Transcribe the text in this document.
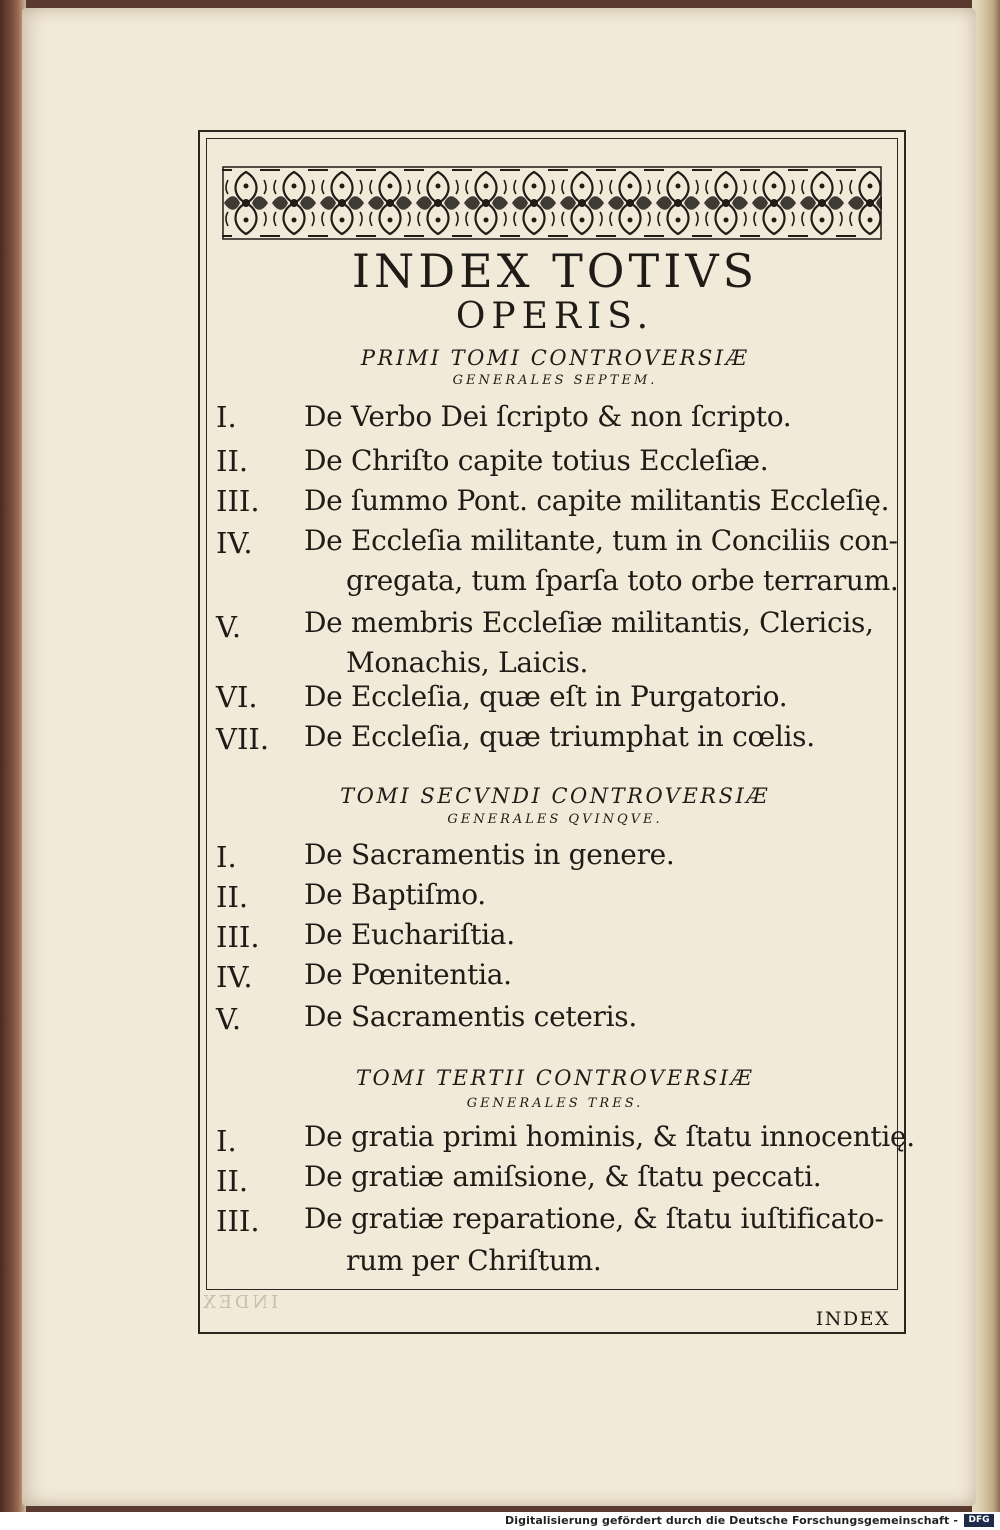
INDEX TOTIVS
OPERIS.
PRIMI TOMI CONTROVERSIÆ
GENERALES SEPTEM.
I. De Verbo Dei ſcripto & non ſcripto.
II. De Chriſto capite totius Eccleſiæ.
III. De ſummo Pont. capite militantis Eccleſię.
IV. De Eccleſia militante, tum in Conciliis con-
gregata, tum ſparſa toto orbe terrarum.
V. De membris Eccleſiæ militantis, Clericis,
Monachis, Laicis.
VI. De Eccleſia, quæ eſt in Purgatorio.
VII. De Eccleſia, quæ triumphat in cœlis.
TOMI SECVNDI CONTROVERSIÆ
GENERALES QVINQVE.
I. De Sacramentis in genere.
II. De Baptiſmo.
III. De Euchariſtia.
IV. De Pœnitentia.
V. De Sacramentis ceteris.
TOMI TERTII CONTROVERSIÆ
GENERALES TRES.
I. De gratia primi hominis, & ſtatu innocentię.
II. De gratiæ amiſsione, & ſtatu peccati.
III. De gratiæ reparatione, & ſtatu iuſtificato-
rum per Chriſtum.
INDEX
INDEX
Digitalisierung gefördert durch die Deutsche Forschungsgemeinschaft -	DFG
